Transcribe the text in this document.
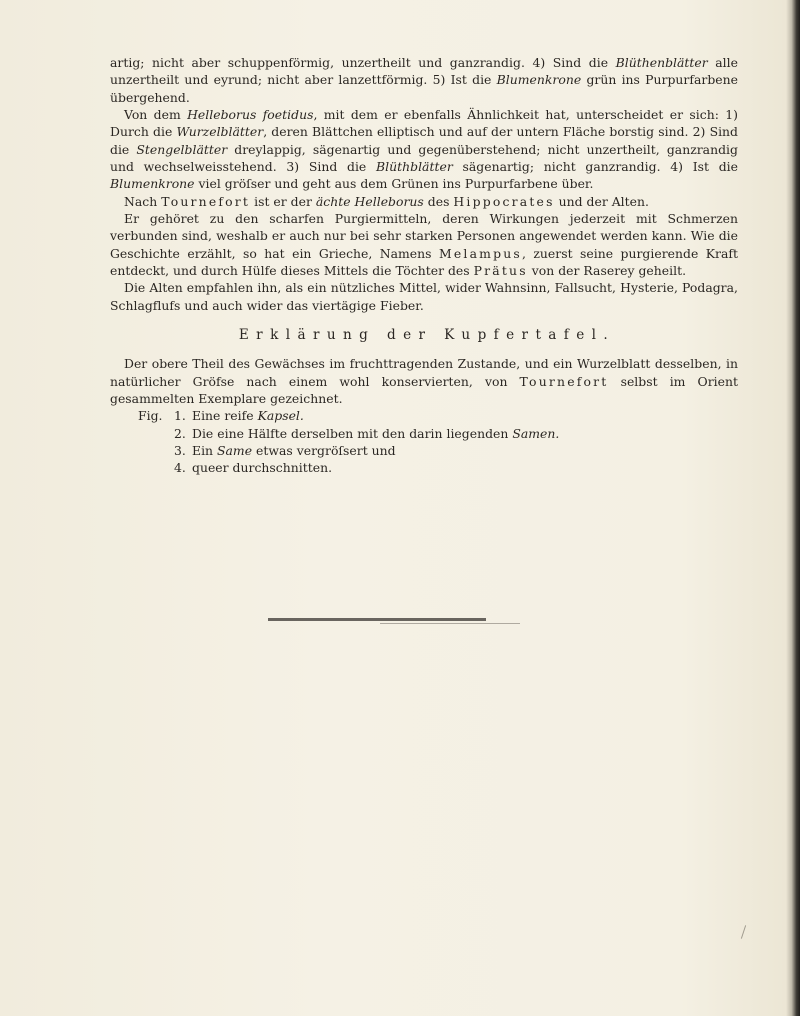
artig; nicht aber schuppenförmig, unzertheilt und ganzrandig. 4) Sind die Blüthenblätter alle unzertheilt und eyrund; nicht aber lanzettförmig. 5) Ist die Blumenkrone grün ins Purpurfarbene übergehend.

Von dem Helleborus foetidus, mit dem er ebenfalls Ähnlichkeit hat, unterscheidet er sich: 1) Durch die Wurzelblätter, deren Blättchen elliptisch und auf der untern Fläche borstig sind. 2) Sind die Stengelblätter dreylappig, sägenartig und gegenüberstehend; nicht unzertheilt, ganzrandig und wechselweisstehend. 3) Sind die Blüthblätter sägenartig; nicht ganzrandig. 4) Ist die Blumenkrone viel gröſser und geht aus dem Grünen ins Purpurfarbene über.

Nach Tournefort ist er der ächte Helleborus des Hippocrates und der Alten.

Er gehöret zu den scharfen Purgiermitteln, deren Wirkungen jederzeit mit Schmerzen verbunden sind, weshalb er auch nur bei sehr starken Personen angewendet werden kann. Wie die Geschichte erzählt, so hat ein Grieche, Namens Melampus, zuerst seine purgierende Kraft entdeckt, und durch Hülfe dieses Mittels die Töchter des Prätus von der Raserey geheilt.

Die Alten empfahlen ihn, als ein nützliches Mittel, wider Wahnsinn, Fallsucht, Hysterie, Podagra, Schlagflufs und auch wider das viertägige Fieber.

Erklärung der Kupfertafel.

Der obere Theil des Gewächses im fruchttragenden Zustande, und ein Wurzelblatt desselben, in natürlicher Gröfse nach einem wohl konservierten, von Tournefort selbst im Orient gesammelten Exemplare gezeichnet.

Fig. 1. Eine reife Kapsel.
2. Die eine Hälfte derselben mit den darin liegenden Samen.
3. Ein Same etwas vergröſsert und
4. queer durchschnitten.
